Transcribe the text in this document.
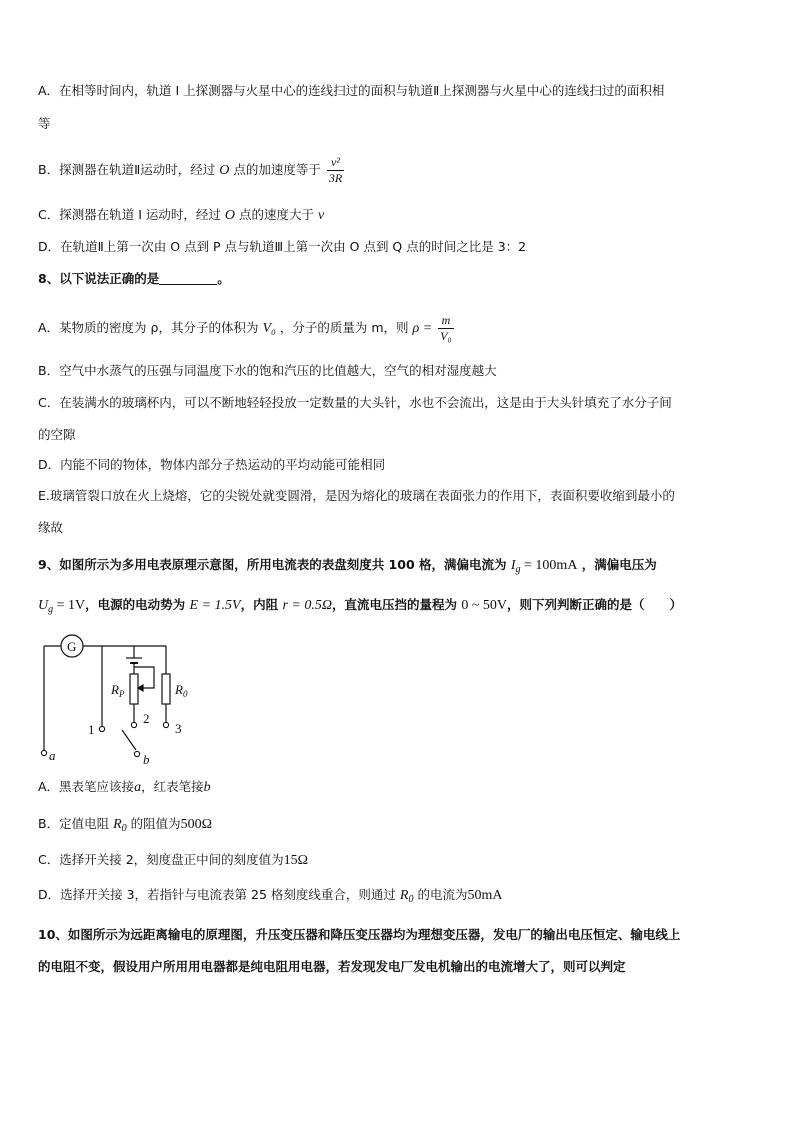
A．在相等时间内，轨道 I 上探测器与火星中心的连线扫过的面积与轨道Ⅱ上探测器与火星中心的连线扫过的面积相
等
B．探测器在轨道Ⅱ运动时，经过 O 点的加速度等于 $\frac{\text{v²}}{3R}$
C．探测器在轨道 I 运动时，经过 O 点的速度大于 v
D．在轨道Ⅱ上第一次由 O 点到 P 点与轨道Ⅲ上第一次由 O 点到 Q 点的时间之比是 3：2
8、以下说法正确的是	。
A．某物质的密度为 ρ，其分子的体积为 V₀ ，分子的质量为 m，则 $\rho = \frac{m}{\text{V₀}}$
B．空气中水蒸气的压强与同温度下水的饱和汽压的比值越大，空气的相对湿度越大
C．在装满水的玻璃杯内，可以不断地轻轻投放一定数量的大头针，水也不会流出，这是由于大头针填充了水分子间
的空隙
D．内能不同的物体，物体内部分子热运动的平均动能可能相同
E.玻璃管裂口放在火上烧熔，它的尖锐处就变圆滑，是因为熔化的玻璃在表面张力的作用下，表面积要收缩到最小的
缘故
9、如图所示为多用电表原理示意图，所用电流表的表盘刻度共 100 格，满偏电流为 $I_g = 100mA$ ，满偏电压为
$U_g = 1V$，电源的电动势为 E = 1.5V，内阻 r = 0.5Ω，直流电压挡的量程为 0 ~ 50V，则下列判断正确的是（　　）
G
$R_P$	$R_0$
1
2
3
a	b
A．黑表笔应该接a，红表笔接b
B．定值电阻 $R_0$ 的阻值为500Ω
C．选择开关接 2，刻度盘正中间的刻度值为15Ω
D．选择开关接 3，若指针与电流表第 25 格刻度线重合，则通过 $R_0$ 的电流为50mA
10、如图所示为远距离输电的原理图，升压变压器和降压变压器均为理想变压器，发电厂的输出电压恒定、输电线上
的电阻不变，假设用户所用用电器都是纯电阻用电器，若发现发电厂发电机输出的电流增大了，则可以判定
